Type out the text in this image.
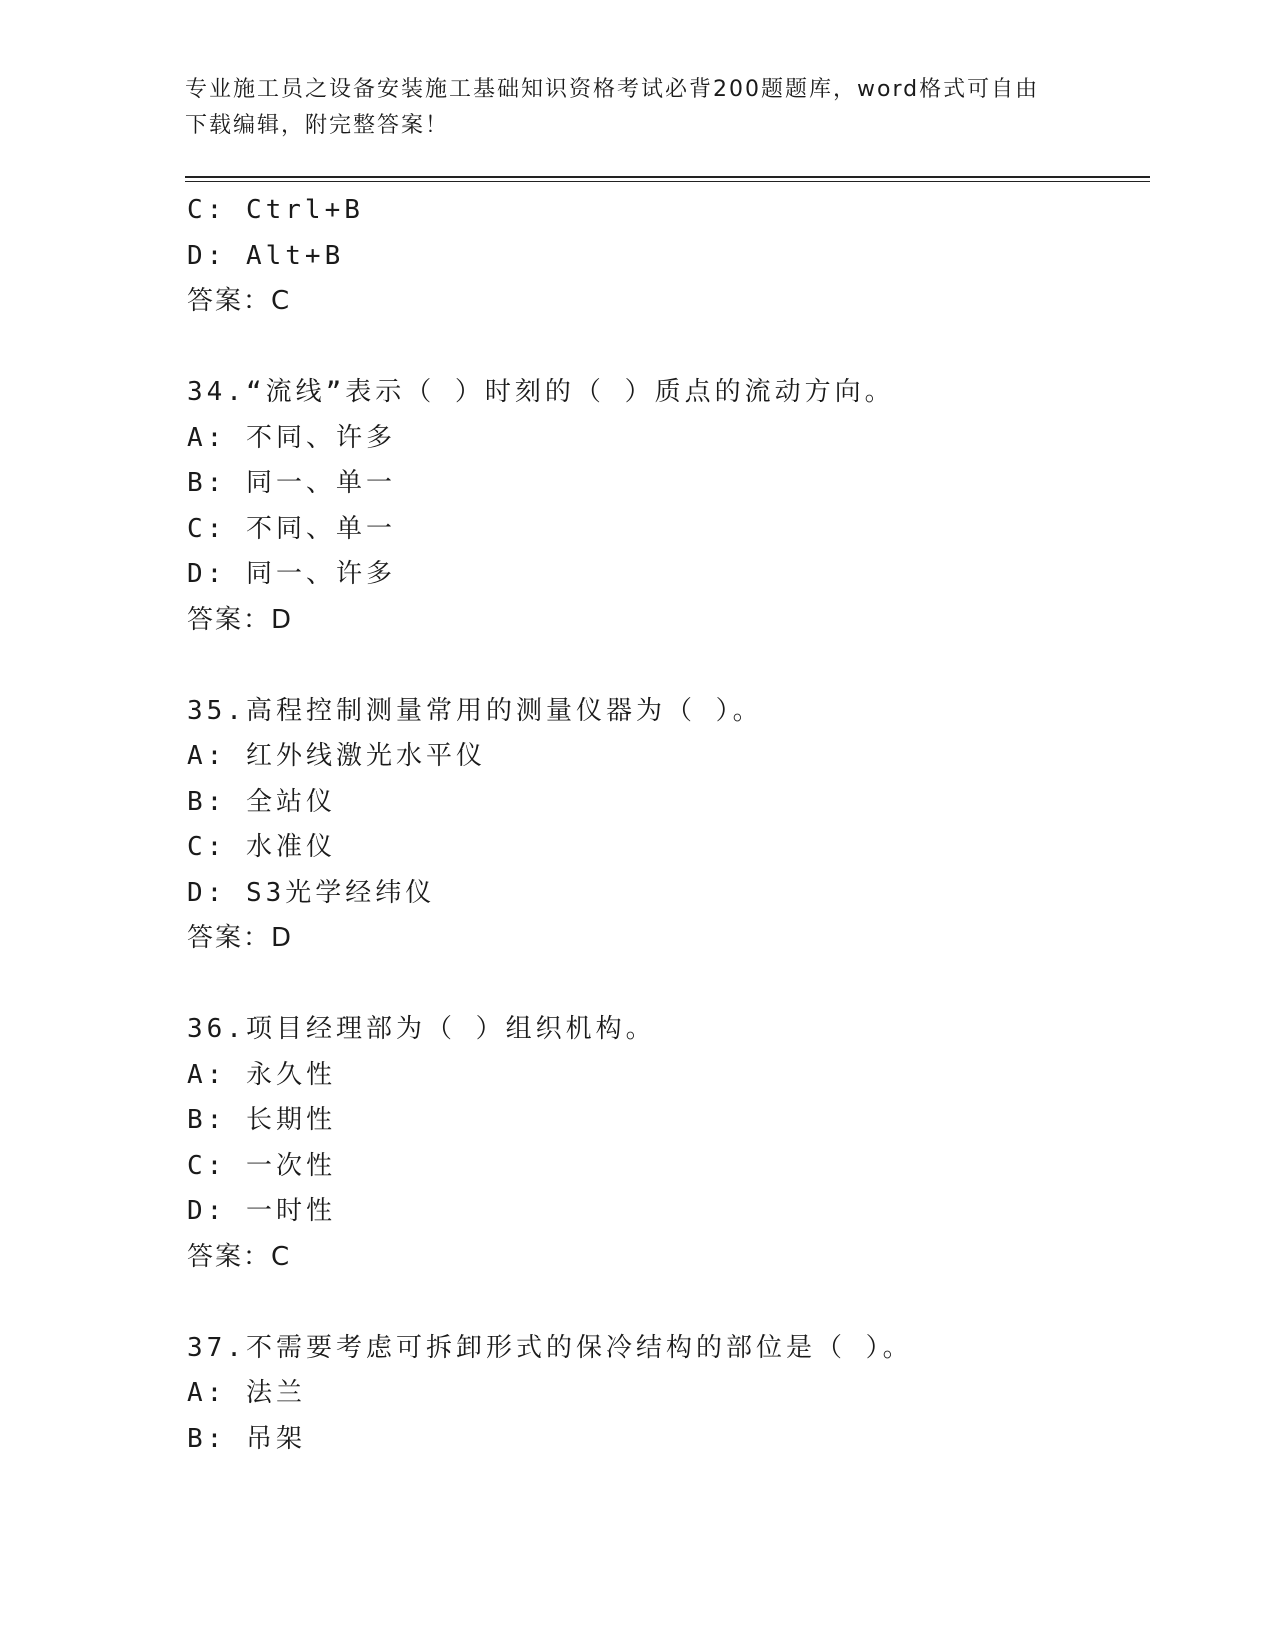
专业施工员之设备安装施工基础知识资格考试必背200题题库，word格式可自由
下载编辑，附完整答案！
C: Ctrl+B
D: Alt+B
答案：C
34.“流线”表示（ ）时刻的（ ）质点的流动方向。
A: 不同、许多
B: 同一、单一
C: 不同、单一
D: 同一、许多
答案：D
35.高程控制测量常用的测量仪器为（ ）。
A: 红外线激光水平仪
B: 全站仪
C: 水准仪
D: S3光学经纬仪
答案：D
36.项目经理部为（ ）组织机构。
A: 永久性
B: 长期性
C: 一次性
D: 一时性
答案：C
37.不需要考虑可拆卸形式的保冷结构的部位是（ ）。
A: 法兰
B: 吊架
